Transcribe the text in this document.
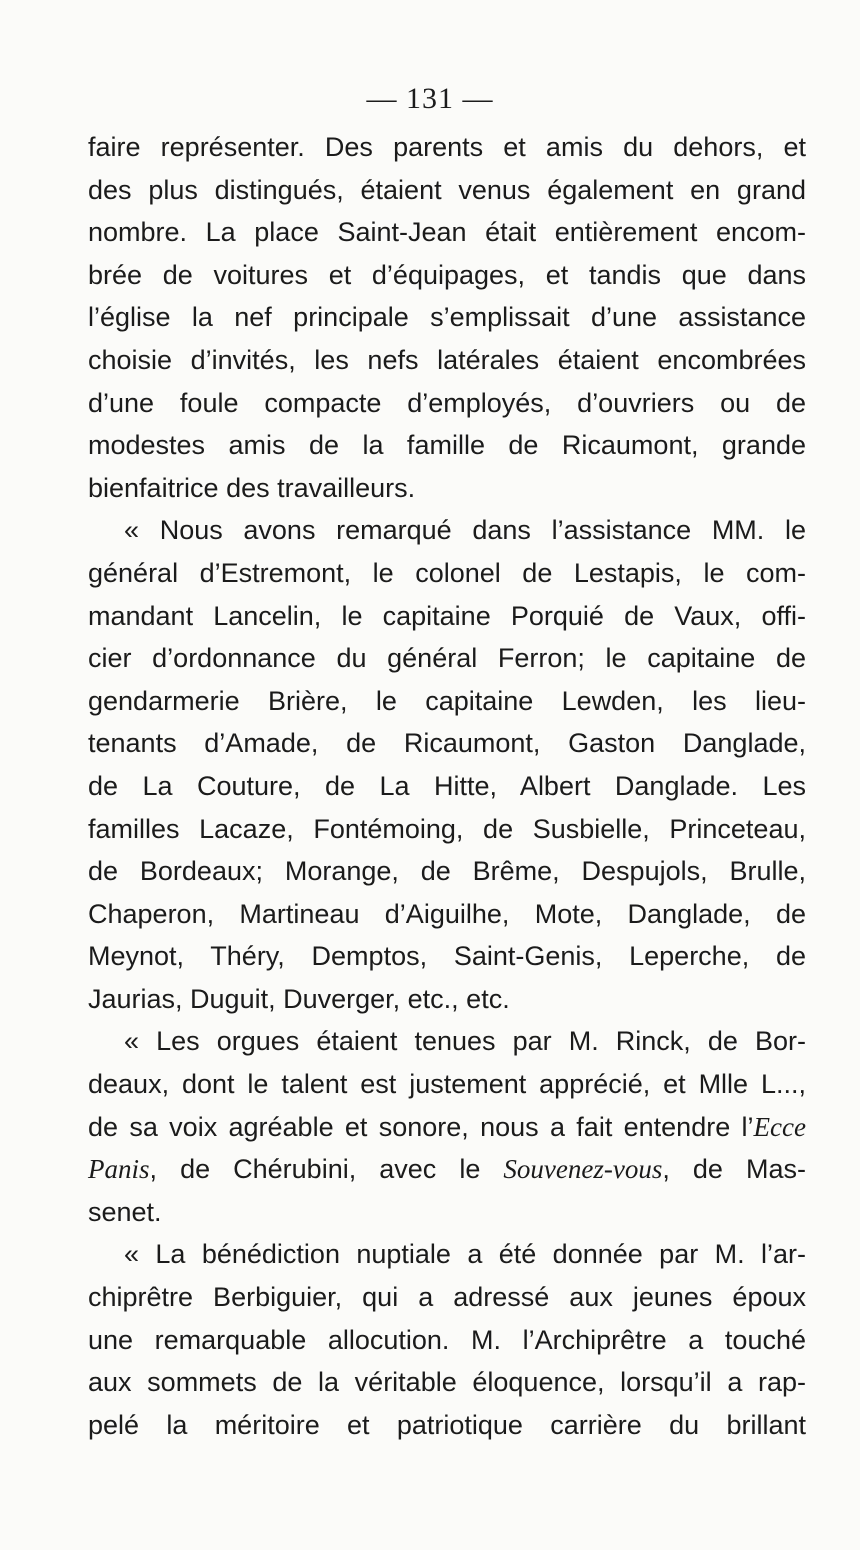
— 131 —
faire représenter. Des parents et amis du dehors, et
des plus distingués, étaient venus également en grand
nombre. La place Saint-Jean était entièrement encom-
brée de voitures et d’équipages, et tandis que dans
l’église la nef principale s’emplissait d’une assistance
choisie d’invités, les nefs latérales étaient encombrées
d’une foule compacte d’employés, d’ouvriers ou de
modestes amis de la famille de Ricaumont, grande
bienfaitrice des travailleurs.
« Nous avons remarqué dans l’assistance MM. le
général d’Estremont, le colonel de Lestapis, le com-
mandant Lancelin, le capitaine Porquié de Vaux, offi-
cier d’ordonnance du général Ferron; le capitaine de
gendarmerie Brière, le capitaine Lewden, les lieu-
tenants d’Amade, de Ricaumont, Gaston Danglade,
de La Couture, de La Hitte, Albert Danglade. Les
familles Lacaze, Fontémoing, de Susbielle, Princeteau,
de Bordeaux; Morange, de Brême, Despujols, Brulle,
Chaperon, Martineau d’Aiguilhe, Mote, Danglade, de
Meynot, Théry, Demptos, Saint-Genis, Leperche, de
Jaurias, Duguit, Duverger, etc., etc.
« Les orgues étaient tenues par M. Rinck, de Bor-
deaux, dont le talent est justement apprécié, et Mlle L...,
de sa voix agréable et sonore, nous a fait entendre l’Ecce
Panis, de Chérubini, avec le Souvenez-vous, de Mas-
senet.
« La bénédiction nuptiale a été donnée par M. l’ar-
chiprêtre Berbiguier, qui a adressé aux jeunes époux
une remarquable allocution. M. l’Archiprêtre a touché
aux sommets de la véritable éloquence, lorsqu’il a rap-
pelé la méritoire et patriotique carrière du brillant
